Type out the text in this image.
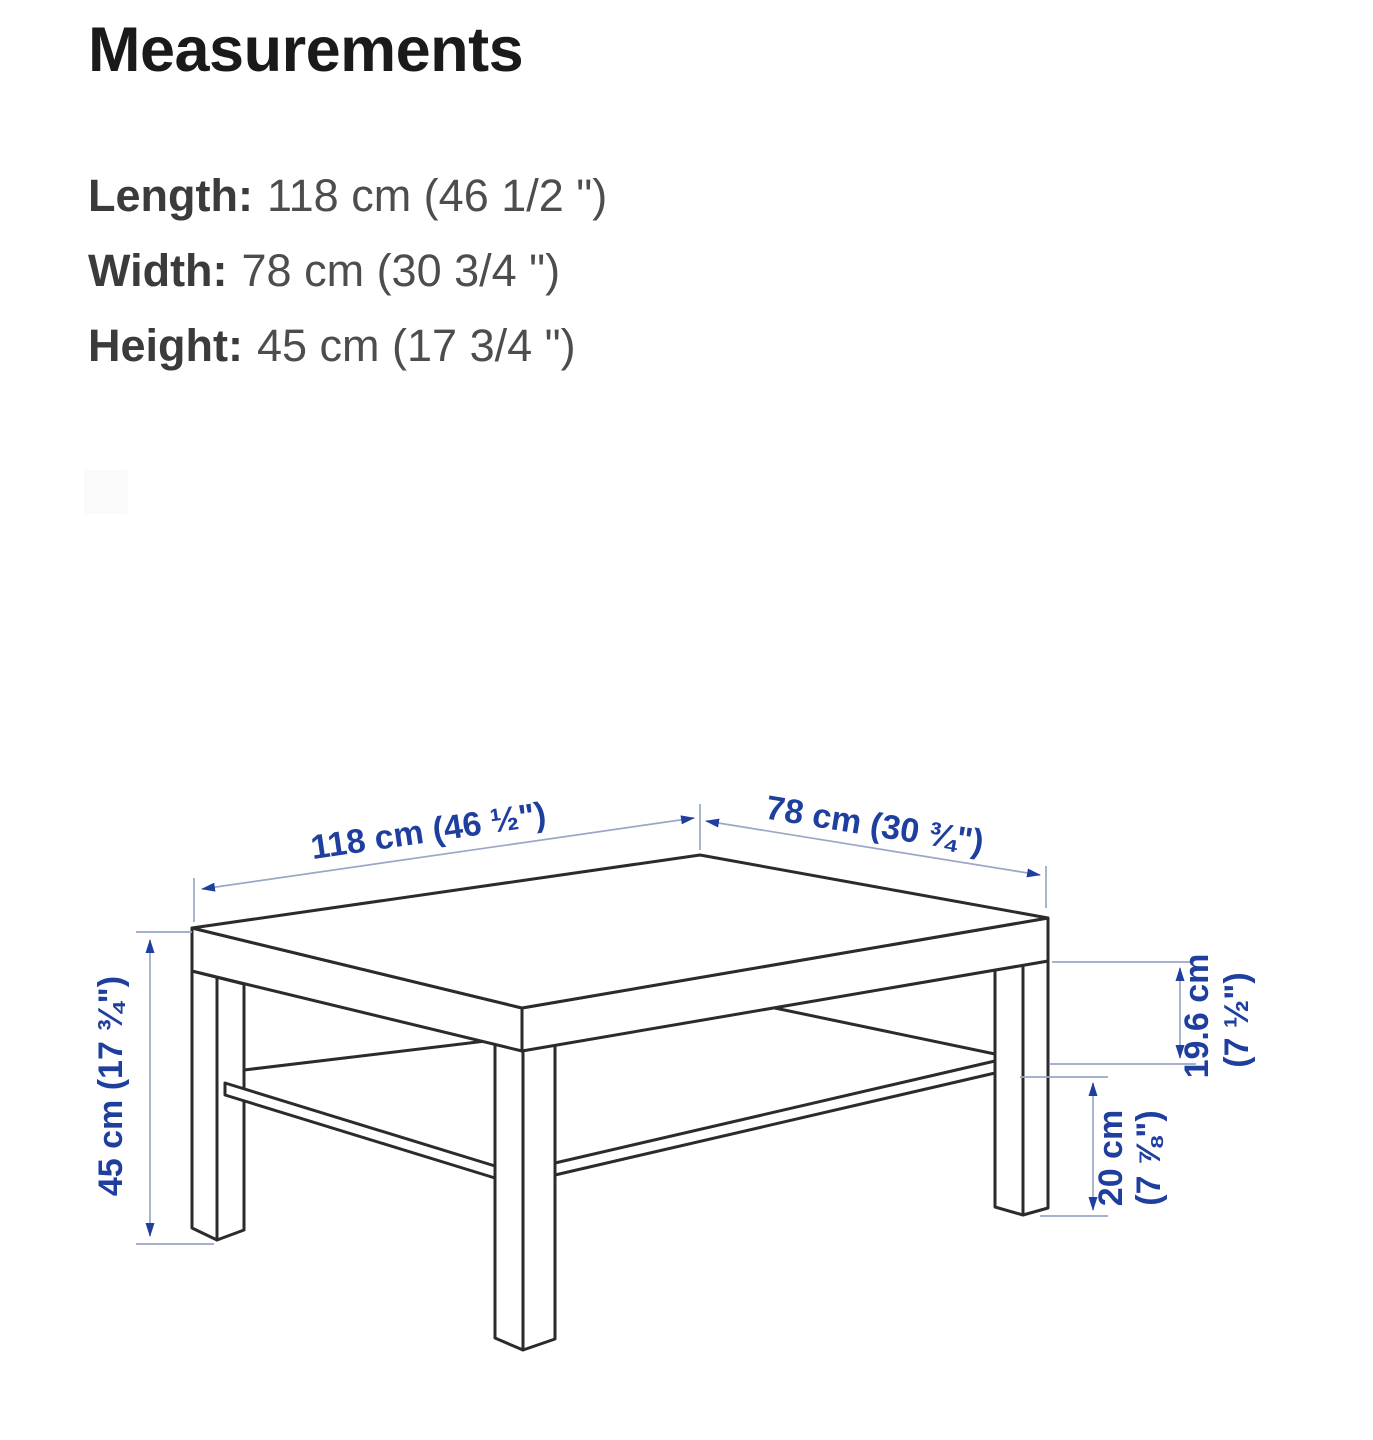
Measurements

Length: 118 cm (46 1/2 ")

Width: 78 cm (30 3/4 ")

Height: 45 cm (17 3/4 ")

118 cm (46 ½")	78 cm (30 ¾")
45 cm (17 ¾")	19.6 cm (7 ½")
20 cm (7 ⅞")
